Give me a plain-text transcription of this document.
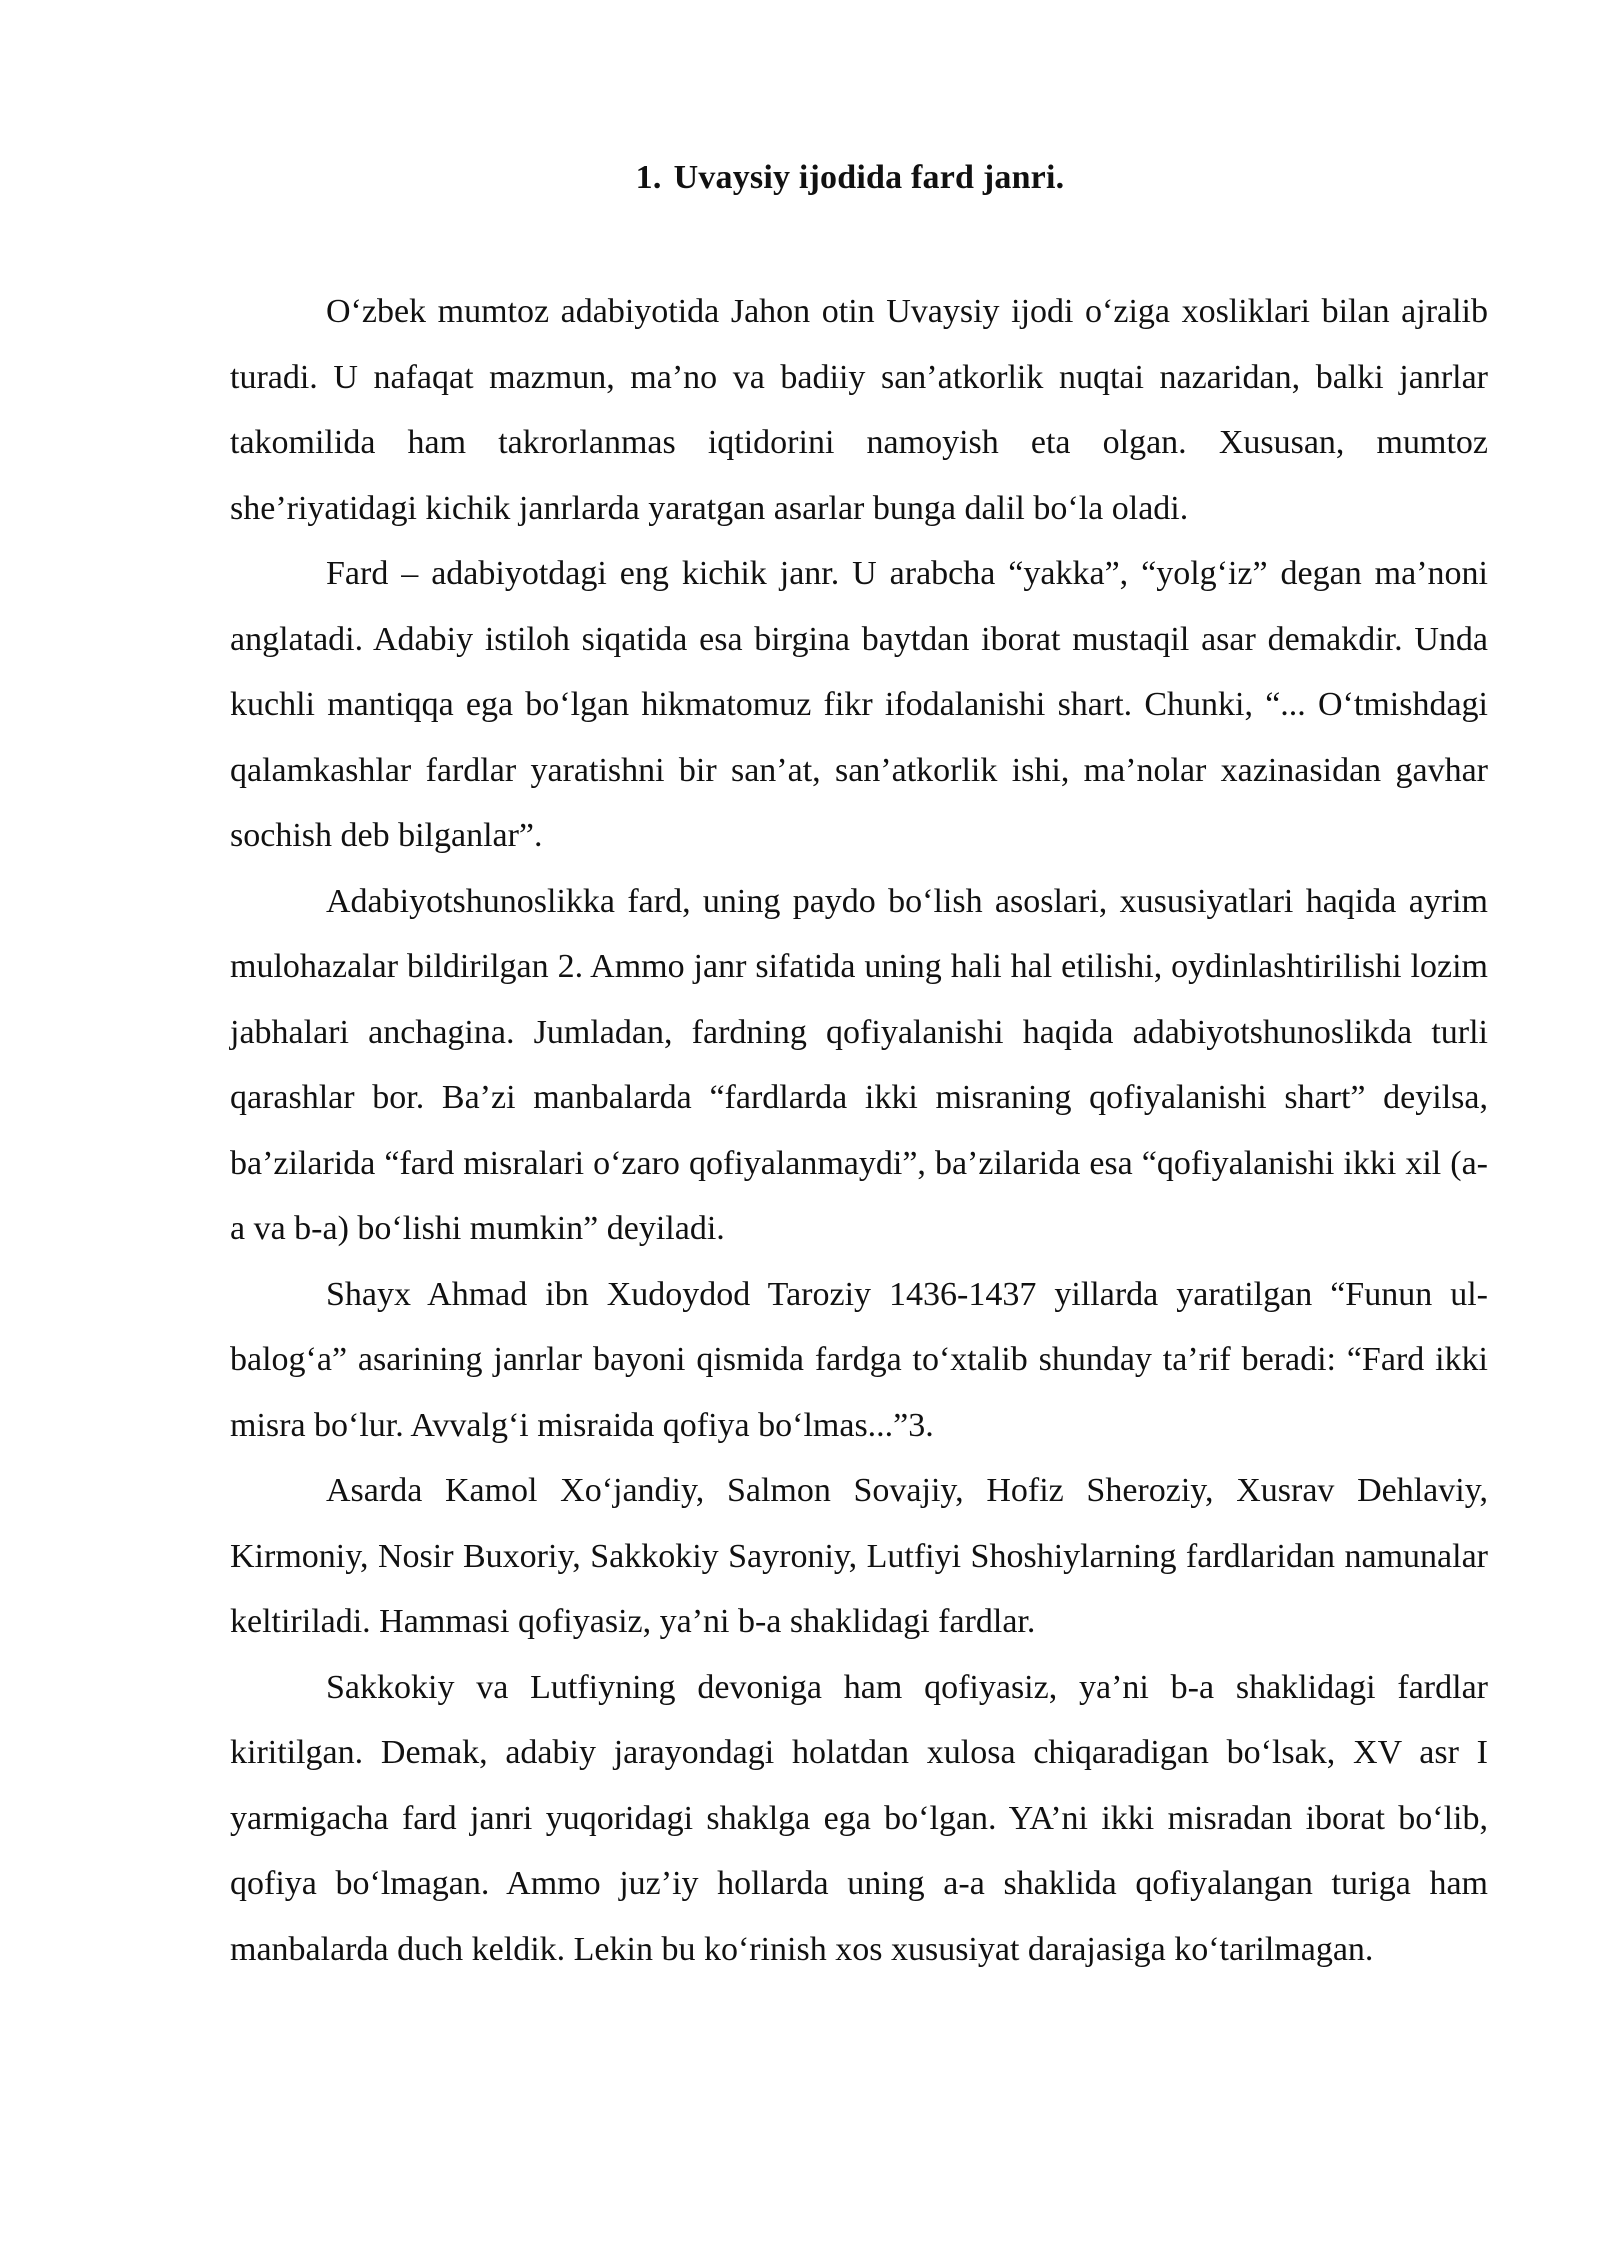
1. Uvaysiy ijodida fard janri.

O‘zbek mumtoz adabiyotida Jahon otin Uvaysiy ijodi o‘ziga xosliklari bilan ajralib turadi. U nafaqat mazmun, ma’no va badiiy san’atkorlik nuqtai nazaridan, balki janrlar takomilida ham takrorlanmas iqtidorini namoyish eta olgan. Xususan, mumtoz she’riyatidagi kichik janrlarda yaratgan asarlar bunga dalil bo‘la oladi.

Fard – adabiyotdagi eng kichik janr. U arabcha “yakka”, “yolg‘iz” degan ma’noni anglatadi. Adabiy istiloh siqatida esa birgina baytdan iborat mustaqil asar demakdir. Unda kuchli mantiqqa ega bo‘lgan hikmatomuz fikr ifodalanishi shart. Chunki, “... O‘tmishdagi qalamkashlar fardlar yaratishni bir san’at, san’atkorlik ishi, ma’nolar xazinasidan gavhar sochish deb bilganlar”.

Adabiyotshunoslikka fard, uning paydo bo‘lish asoslari, xususiyatlari haqida ayrim mulohazalar bildirilgan 2. Ammo janr sifatida uning hali hal etilishi, oydinlashtirilishi lozim jabhalari anchagina. Jumladan, fardning qofiyalanishi haqida adabiyotshunoslikda turli qarashlar bor. Ba’zi manbalarda “fardlarda ikki misraning qofiyalanishi shart” deyilsa, ba’zilarida “fard misralari o‘zaro qofiyalanmaydi”, ba’zilarida esa “qofiyalanishi ikki xil (a-a va b-a) bo‘lishi mumkin” deyiladi.

Shayx Ahmad ibn Xudoydod Taroziy 1436-1437 yillarda yaratilgan “Funun ul-balog‘a” asarining janrlar bayoni qismida fardga to‘xtalib shunday ta’rif beradi: “Fard ikki misra bo‘lur. Avvalg‘i misraida qofiya bo‘lmas...”3.

Asarda Kamol Xo‘jandiy, Salmon Sovajiy, Hofiz Sheroziy, Xusrav Dehlaviy, Kirmoniy, Nosir Buxoriy, Sakkokiy Sayroniy, Lutfiyi Shoshiylarning fardlaridan namunalar keltiriladi. Hammasi qofiyasiz, ya’ni b-a shaklidagi fardlar.

Sakkokiy va Lutfiyning devoniga ham qofiyasiz, ya’ni b-a shaklidagi fardlar kiritilgan. Demak, adabiy jarayondagi holatdan xulosa chiqaradigan bo‘lsak, XV asr I yarmigacha fard janri yuqoridagi shaklga ega bo‘lgan. YA’ni ikki misradan iborat bo‘lib, qofiya bo‘lmagan. Ammo juz’iy hollarda uning a-a shaklida qofiyalangan turiga ham manbalarda duch keldik. Lekin bu ko‘rinish xos xususiyat darajasiga ko‘tarilmagan.
